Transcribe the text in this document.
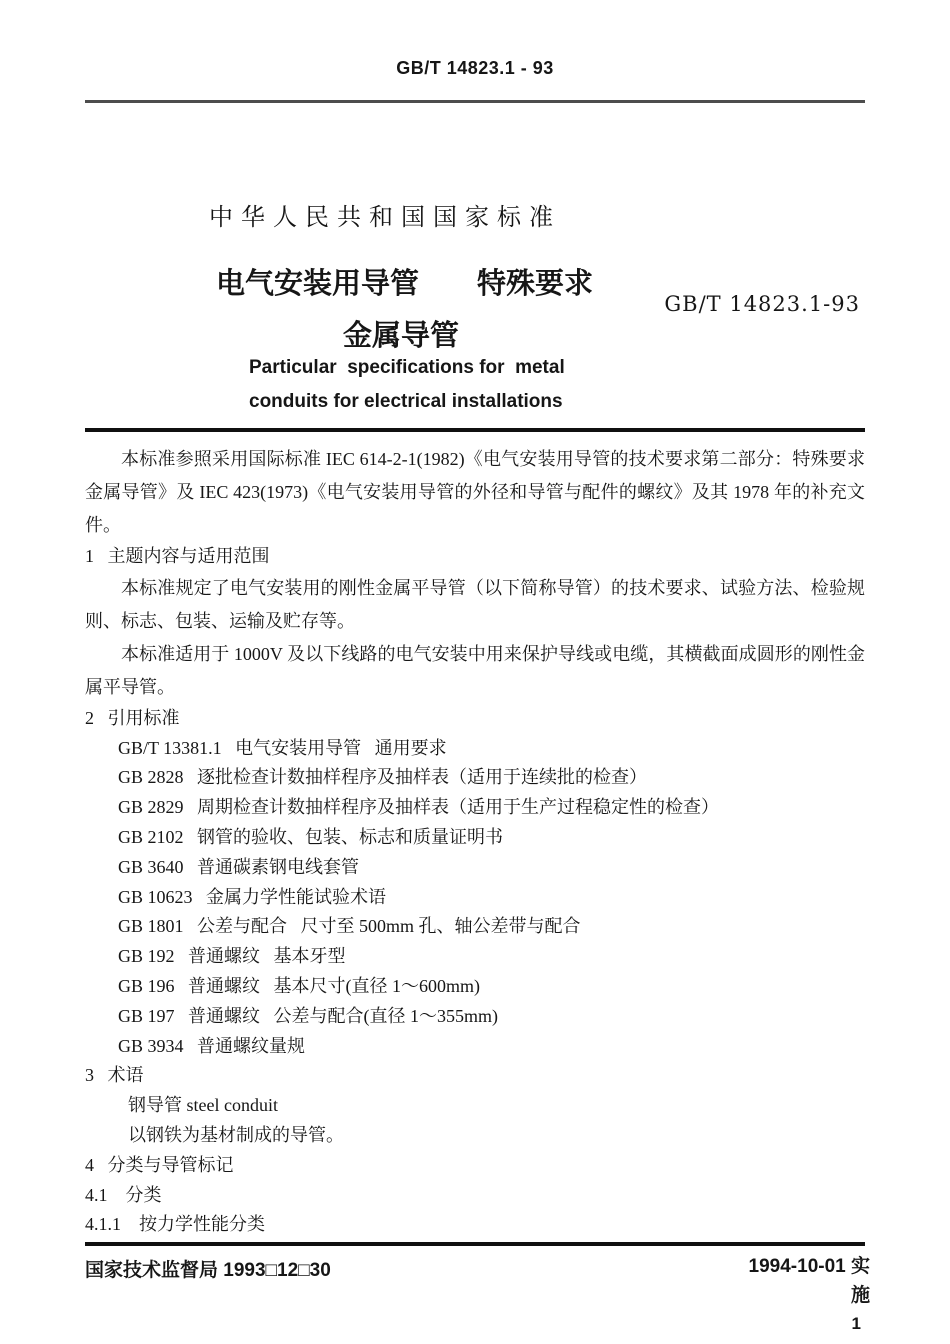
GB/T 14823.1 - 93
中 华 人 民 共 和 国 国 家 标 准
电气安装用导管 特殊要求
GB/T 14823.1-93
金属导管
Particular  specifications for  metal
conduits for electrical installations
本标准参照采用国际标准 IEC 614-2-1(1982)《电气安装用导管的技术要求第二部分：特殊要求金属导管》及 IEC 423(1973)《电气安装用导管的外径和导管与配件的螺纹》及其 1978 年的补充文件。
1   主题内容与适用范围
本标准规定了电气安装用的刚性金属平导管（以下简称导管）的技术要求、试验方法、检验规则、标志、包装、运输及贮存等。
本标准适用于 1000V 及以下线路的电气安装中用来保护导线或电缆，其横截面成圆形的刚性金属平导管。
2   引用标准
GB/T 13381.1   电气安装用导管   通用要求
GB 2828   逐批检查计数抽样程序及抽样表（适用于连续批的检查）
GB 2829   周期检查计数抽样程序及抽样表（适用于生产过程稳定性的检查）
GB 2102   钢管的验收、包装、标志和质量证明书
GB 3640   普通碳素钢电线套管
GB 10623   金属力学性能试验术语
GB 1801   公差与配合   尺寸至 500mm 孔、轴公差带与配合
GB 192   普通螺纹   基本牙型
GB 196   普通螺纹   基本尺寸(直径 1～600mm)
GB 197   普通螺纹   公差与配合(直径 1～355mm)
GB 3934   普通螺纹量规
3   术语
钢导管 steel conduit
以钢铁为基材制成的导管。
4   分类与导管标记
4.1    分类
4.1.1    按力学性能分类
国家技术监督局 1993□12□30	1994-10-01 实
施
1
